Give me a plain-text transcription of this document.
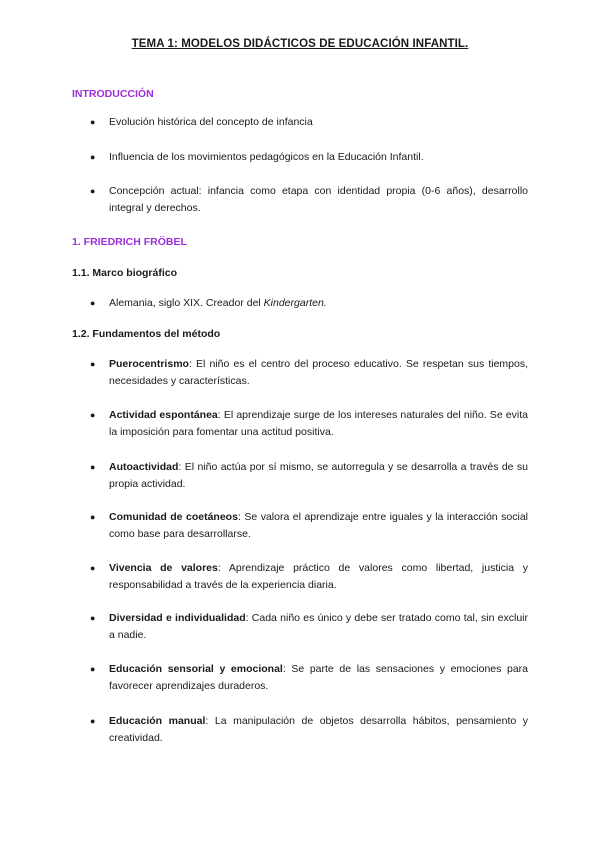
TEMA 1: MODELOS DIDÁCTICOS DE EDUCACIÓN INFANTIL.
INTRODUCCIÓN
●	Evolución histórica del concepto de infancia
●	Influencia de los movimientos pedagógicos en la Educación Infantil.
●	Concepción actual: infancia como etapa con identidad propia (0-6 años), desarrollo integral y derechos.
1. FRIEDRICH FRÖBEL
1.1. Marco biográfico
●	Alemania, siglo XIX. Creador del Kindergarten.
1.2. Fundamentos del método
●	Puerocentrismo: El niño es el centro del proceso educativo. Se respetan sus tiempos, necesidades y características.
●	Actividad espontánea: El aprendizaje surge de los intereses naturales del niño. Se evita la imposición para fomentar una actitud positiva.
●	Autoactividad: El niño actúa por sí mismo, se autorregula y se desarrolla a través de su propia actividad.
●	Comunidad de coetáneos: Se valora el aprendizaje entre iguales y la interacción social como base para desarrollarse.
●	Vivencia de valores: Aprendizaje práctico de valores como libertad, justicia y responsabilidad a través de la experiencia diaria.
●	Diversidad e individualidad: Cada niño es único y debe ser tratado como tal, sin excluir a nadie.
●	Educación sensorial y emocional: Se parte de las sensaciones y emociones para favorecer aprendizajes duraderos.
●	Educación manual: La manipulación de objetos desarrolla hábitos, pensamiento y creatividad.
